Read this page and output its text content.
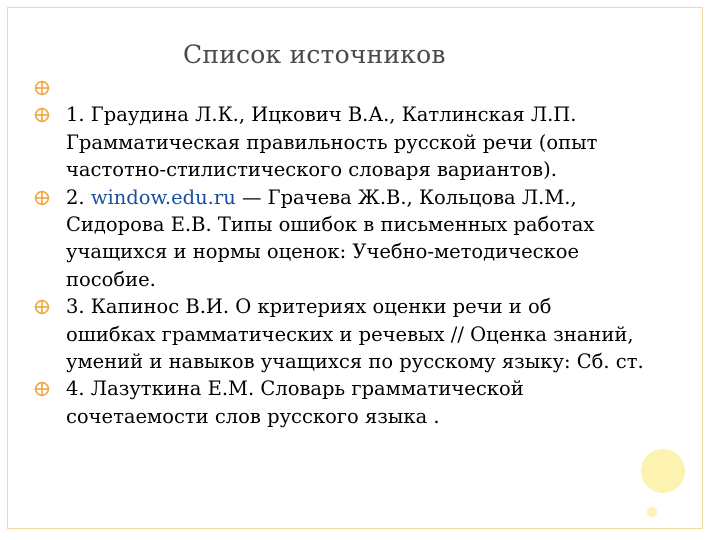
Список источников
1. Граудина Л.К., Ицкович В.А., Катлинская Л.П. Грамматическая правильность русской речи (опыт частотно-стилистического словаря вариантов).
2. window.edu.ru — Грачева Ж.В., Кольцова Л.М., Сидорова Е.В. Типы ошибок в письменных работах учащихся и нормы оценок: Учебно-методическое пособие.
3. Капинос В.И. О критериях оценки речи и об ошибках грамматических и речевых // Оценка знаний, умений и навыков учащихся по русскому языку: Сб. ст.
4. Лазуткина Е.М. Словарь грамматической сочетаемости слов русского языка .
